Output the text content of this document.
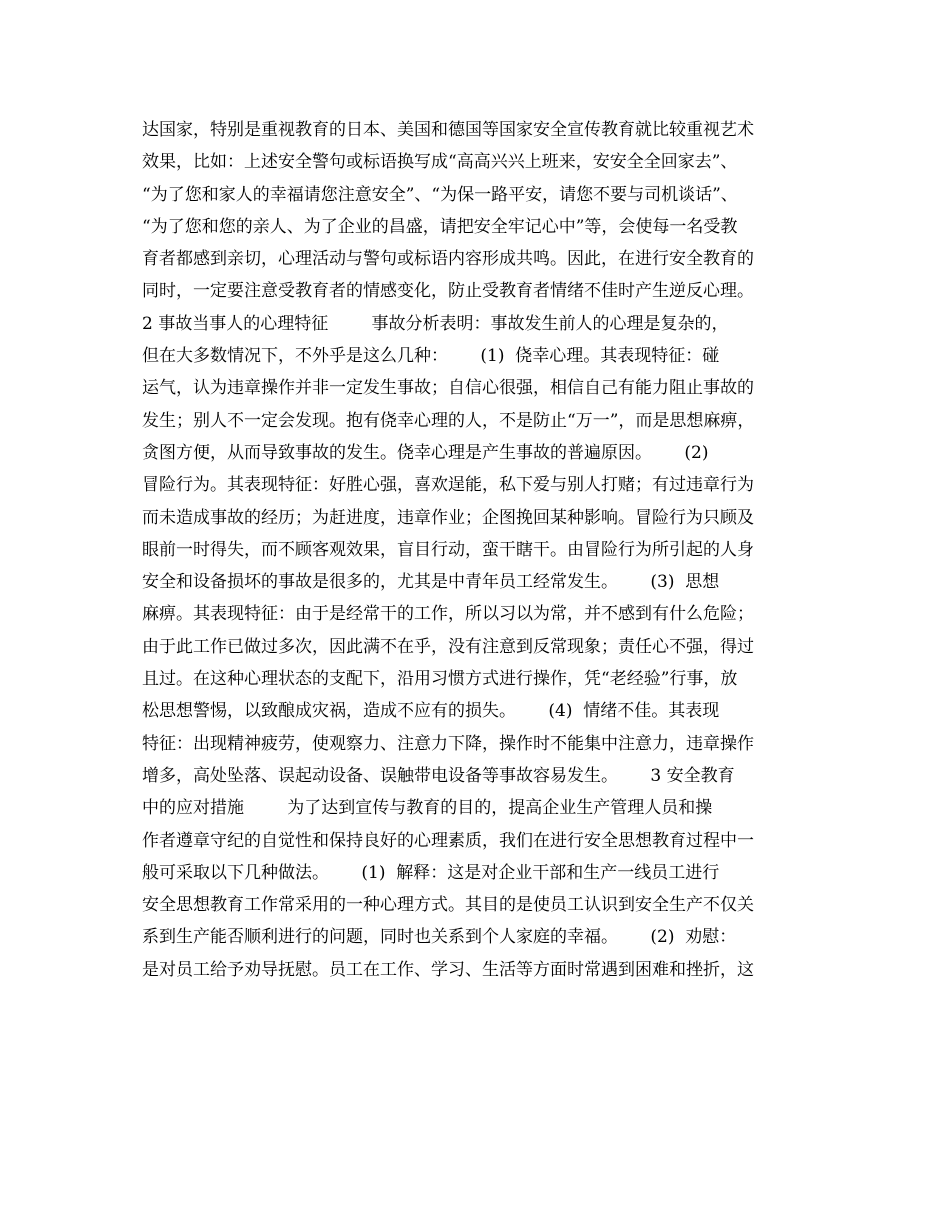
达国家，特别是重视教育的日本、美国和德国等国家安全宣传教育就比较重视艺术
效果，比如：上述安全警句或标语换写成“高高兴兴上班来，安安全全回家去”、
“为了您和家人的幸福请您注意安全”、“为保一路平安，请您不要与司机谈话”、
“为了您和您的亲人、为了企业的昌盛，请把安全牢记心中”等，会使每一名受教
育者都感到亲切，心理活动与警句或标语内容形成共鸣。因此，在进行安全教育的
同时，一定要注意受教育者的情感变化，防止受教育者情绪不佳时产生逆反心理。
2 事故当事人的心理特征        事故分析表明：事故发生前人的心理是复杂的，
但在大多数情况下，不外乎是这么几种：      (1)  侥幸心理。其表现特征：碰
运气，认为违章操作并非一定发生事故；自信心很强，相信自己有能力阻止事故的
发生；别人不一定会发现。抱有侥幸心理的人，不是防止“万一”，而是思想麻痹，
贪图方便，从而导致事故的发生。侥幸心理是产生事故的普遍原因。      (2)
冒险行为。其表现特征：好胜心强，喜欢逞能，私下爱与别人打赌；有过违章行为
而未造成事故的经历；为赶进度，违章作业；企图挽回某种影响。冒险行为只顾及
眼前一时得失，而不顾客观效果，盲目行动，蛮干瞎干。由冒险行为所引起的人身
安全和设备损坏的事故是很多的，尤其是中青年员工经常发生。      (3)  思想
麻痹。其表现特征：由于是经常干的工作，所以习以为常，并不感到有什么危险；
由于此工作已做过多次，因此满不在乎，没有注意到反常现象；责任心不强，得过
且过。在这种心理状态的支配下，沿用习惯方式进行操作，凭“老经验”行事，放
松思想警惕，以致酿成灾祸，造成不应有的损失。      (4)  情绪不佳。其表现
特征：出现精神疲劳，使观察力、注意力下降，操作时不能集中注意力，违章操作
增多，高处坠落、误起动设备、误触带电设备等事故容易发生。      3 安全教育
中的应对措施        为了达到宣传与教育的目的，提高企业生产管理人员和操
作者遵章守纪的自觉性和保持良好的心理素质，我们在进行安全思想教育过程中一
般可采取以下几种做法。      (1)  解释：这是对企业干部和生产一线员工进行
安全思想教育工作常采用的一种心理方式。其目的是使员工认识到安全生产不仅关
系到生产能否顺利进行的问题，同时也关系到个人家庭的幸福。      (2)  劝慰：
是对员工给予劝导抚慰。员工在工作、学习、生活等方面时常遇到困难和挫折，这
